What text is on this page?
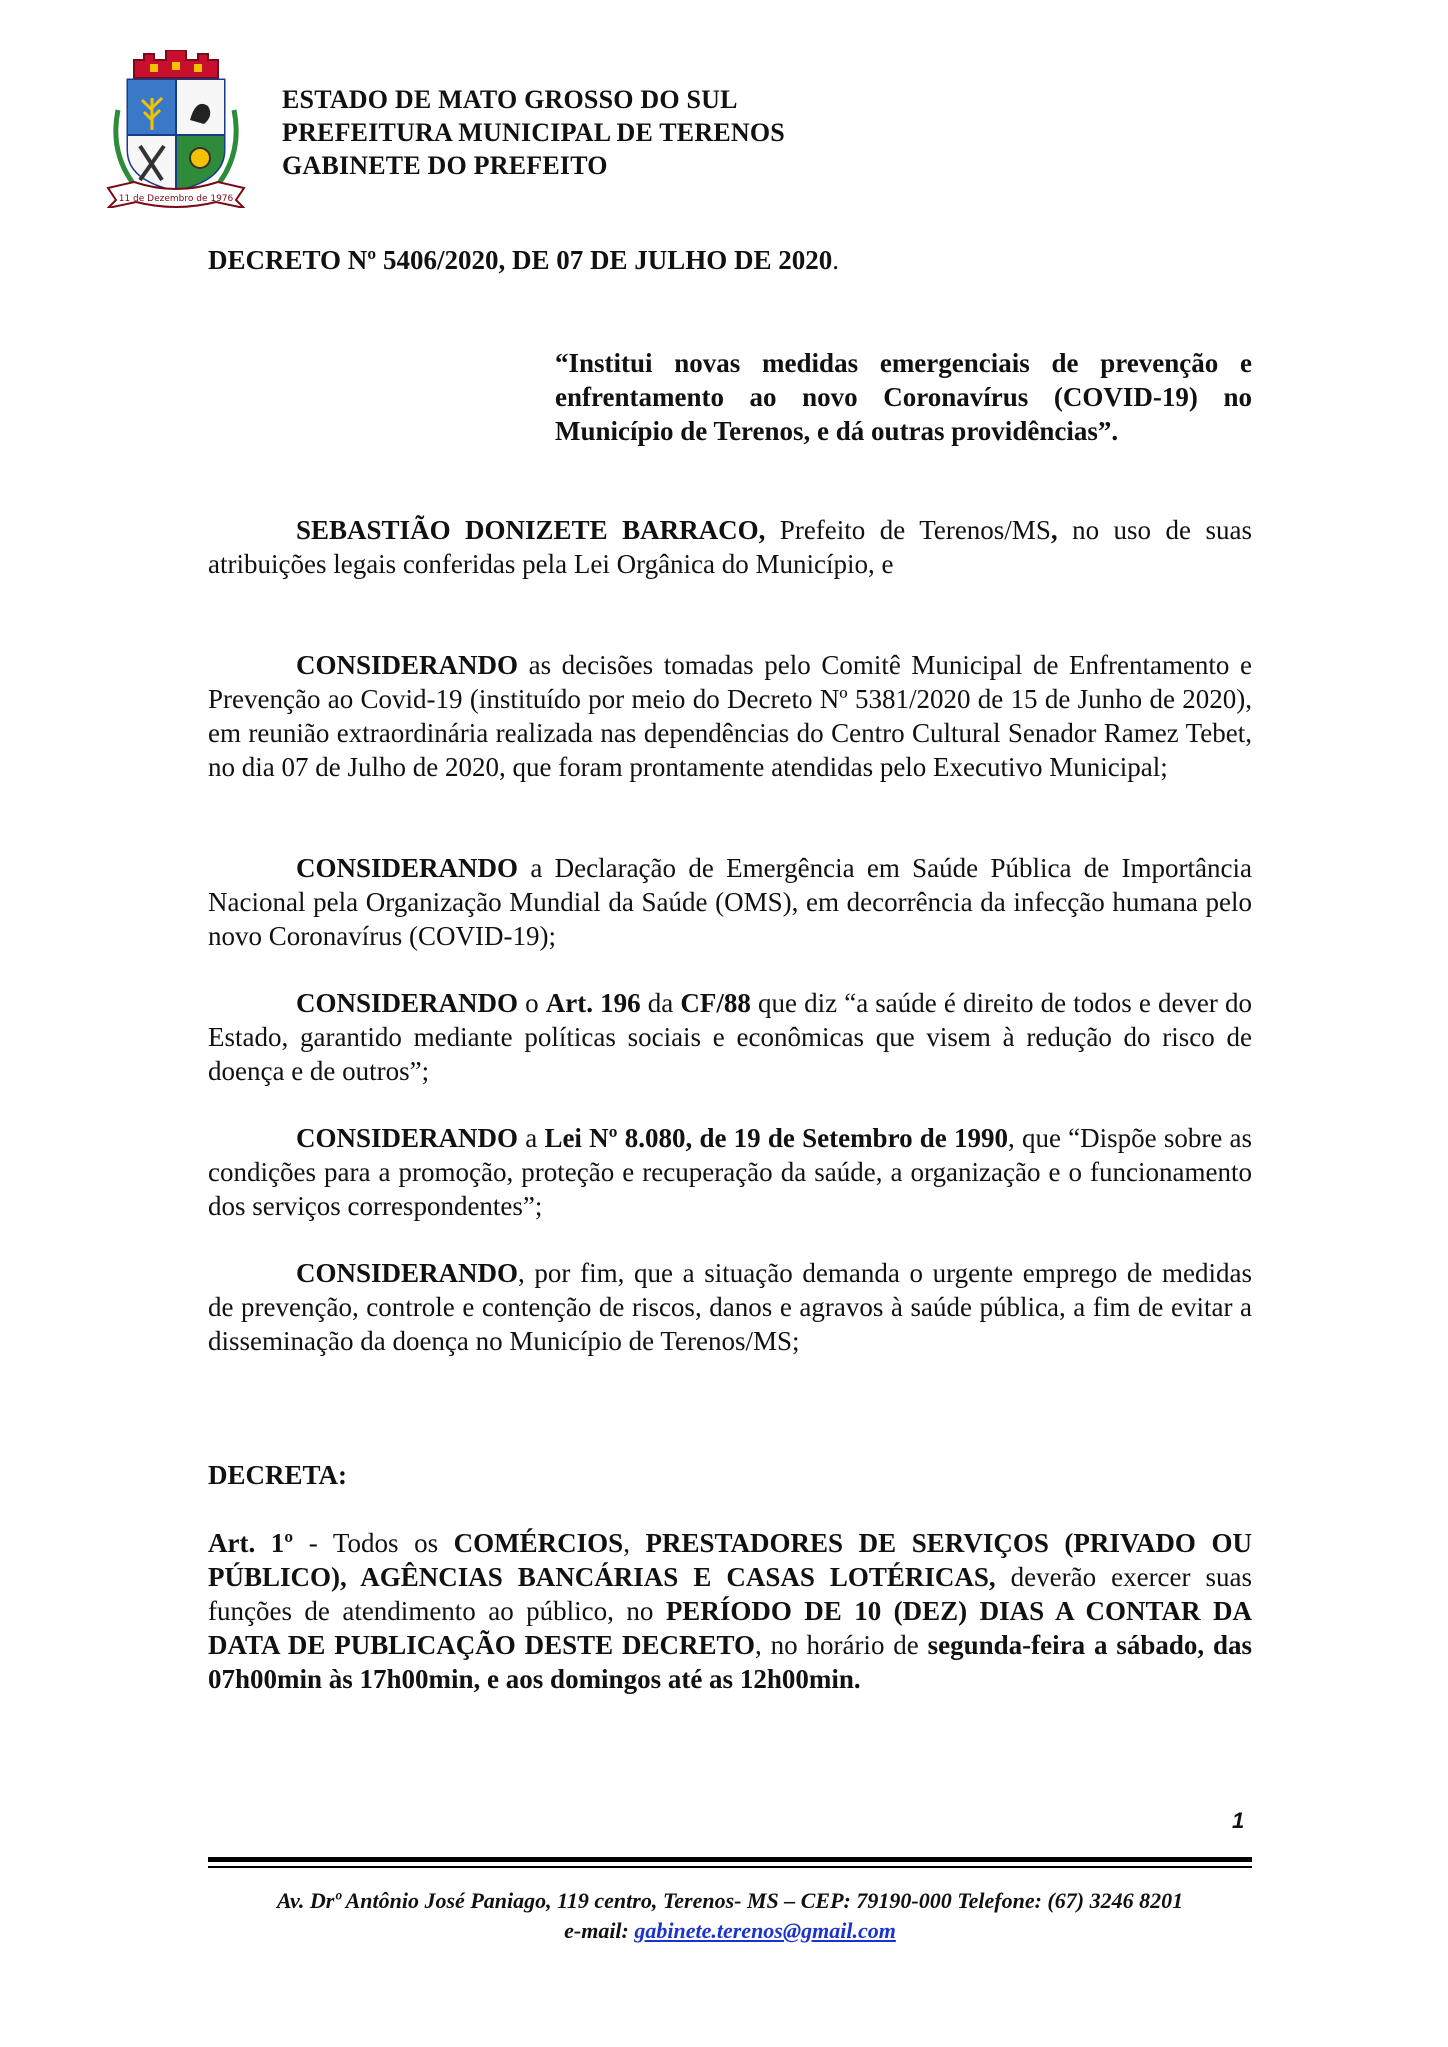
11 de Dezembro de 1976
ESTADO DE MATO GROSSO DO SUL
PREFEITURA MUNICIPAL DE TERENOS
GABINETE DO PREFEITO
DECRETO Nº 5406/2020, DE 07 DE JULHO DE 2020.
“Institui novas medidas emergenciais de prevenção e enfrentamento ao novo Coronavírus (COVID-19) no Município de Terenos, e dá outras providências”.
SEBASTIÃO DONIZETE BARRACO, Prefeito de Terenos/MS, no uso de suas atribuições legais conferidas pela Lei Orgânica do Município, e
CONSIDERANDO as decisões tomadas pelo Comitê Municipal de Enfrentamento e Prevenção ao Covid-19 (instituído por meio do Decreto Nº 5381/2020 de 15 de Junho de 2020), em reunião extraordinária realizada nas dependências do Centro Cultural Senador Ramez Tebet, no dia 07 de Julho de 2020, que foram prontamente atendidas pelo Executivo Municipal;
CONSIDERANDO a Declaração de Emergência em Saúde Pública de Importância Nacional pela Organização Mundial da Saúde (OMS), em decorrência da infecção humana pelo novo Coronavírus (COVID-19);
CONSIDERANDO o Art. 196 da CF/88 que diz “a saúde é direito de todos e dever do Estado, garantido mediante políticas sociais e econômicas que visem à redução do risco de doença e de outros”;
CONSIDERANDO a Lei Nº 8.080, de 19 de Setembro de 1990, que “Dispõe sobre as condições para a promoção, proteção e recuperação da saúde, a organização e o funcionamento dos serviços correspondentes”;
CONSIDERANDO, por fim, que a situação demanda o urgente emprego de medidas de prevenção, controle e contenção de riscos, danos e agravos à saúde pública, a fim de evitar a disseminação da doença no Município de Terenos/MS;
DECRETA:
Art. 1º - Todos os COMÉRCIOS, PRESTADORES DE SERVIÇOS (PRIVADO OU PÚBLICO), AGÊNCIAS BANCÁRIAS E CASAS LOTÉRICAS, deverão exercer suas funções de atendimento ao público, no PERÍODO DE 10 (DEZ) DIAS A CONTAR DA DATA DE PUBLICAÇÃO DESTE DECRETO, no horário de segunda-feira a sábado, das 07h00min às 17h00min, e aos domingos até as 12h00min.
1
Av. Drº Antônio José Paniago, 119 centro, Terenos- MS – CEP: 79190-000 Telefone: (67) 3246 8201
e-mail: gabinete.terenos@gmail.com
